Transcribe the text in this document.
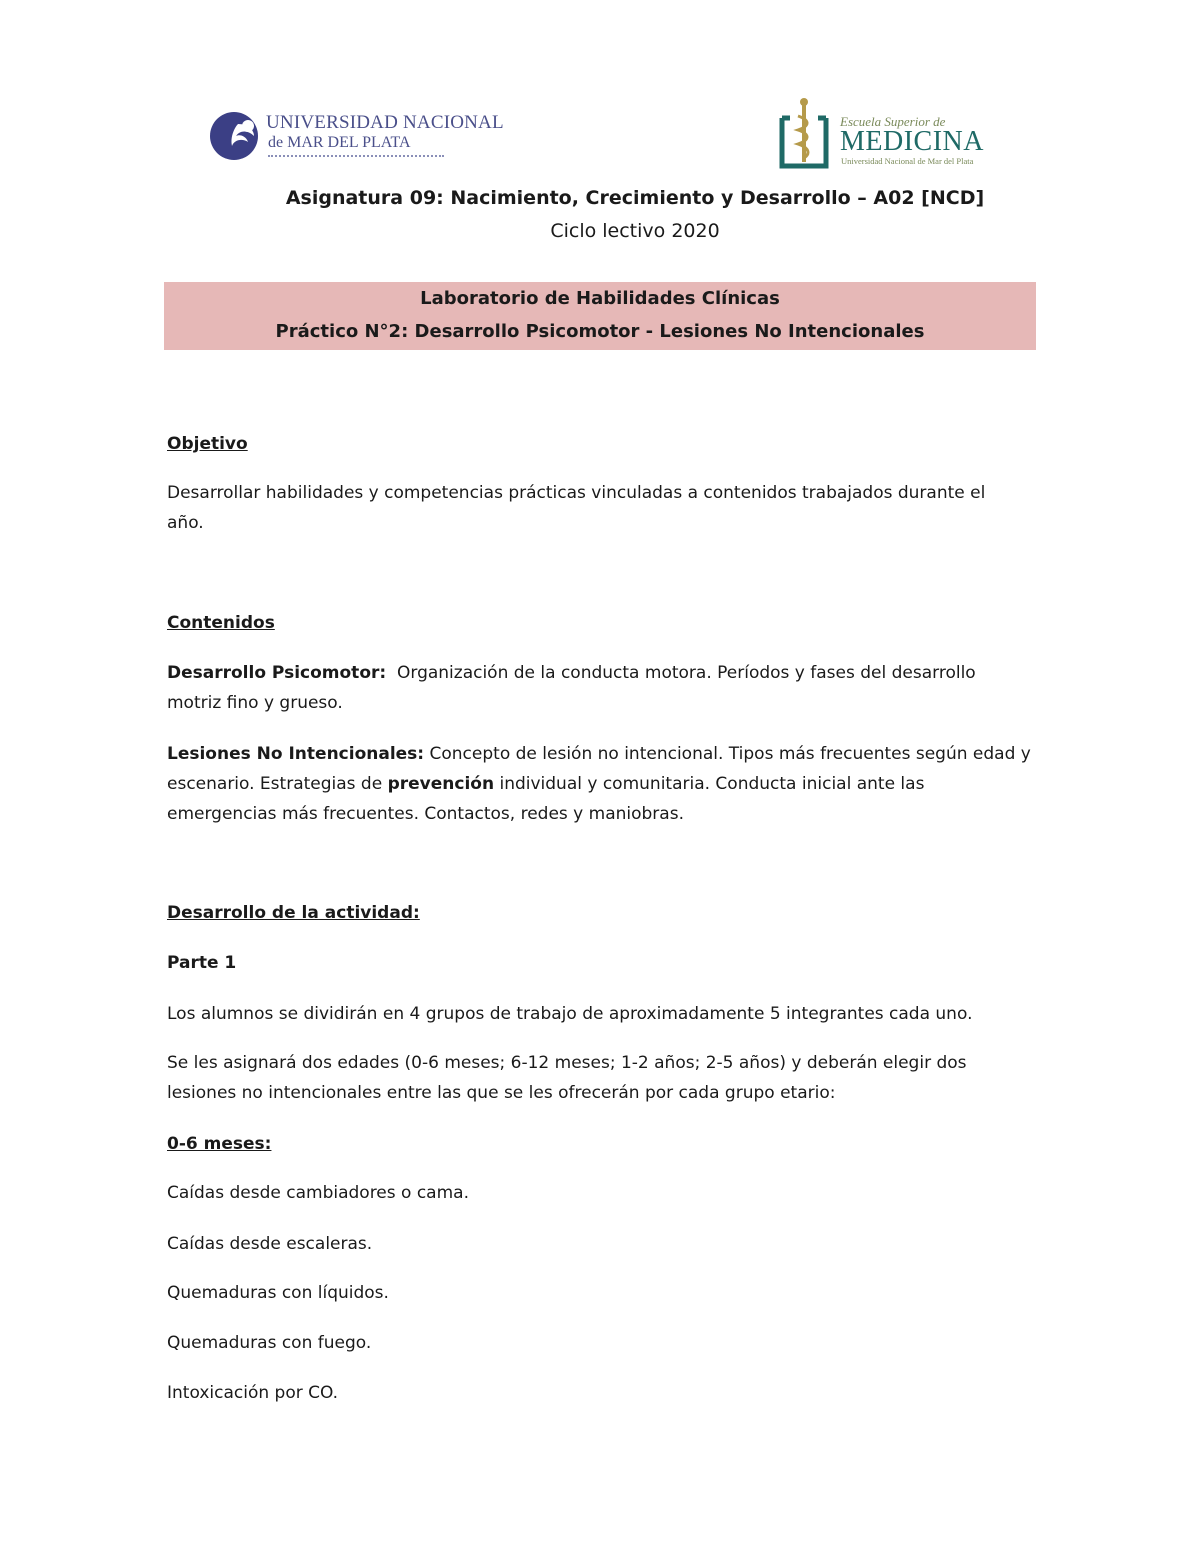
UNIVERSIDAD NACIONAL
de MAR DEL PLATA
Escuela Superior de
MEDICINA
Universidad Nacional de Mar del Plata
Asignatura 09: Nacimiento, Crecimiento y Desarrollo – A02 [NCD]
Ciclo lectivo 2020
Laboratorio de Habilidades Clínicas
Práctico N°2: Desarrollo Psicomotor - Lesiones No Intencionales
Objetivo
Desarrollar habilidades y competencias prácticas vinculadas a contenidos trabajados durante el
año.
Contenidos
Desarrollo Psicomotor:  Organización de la conducta motora. Períodos y fases del desarrollo
motriz fino y grueso.
Lesiones No Intencionales: Concepto de lesión no intencional. Tipos más frecuentes según edad y
escenario. Estrategias de prevención individual y comunitaria. Conducta inicial ante las
emergencias más frecuentes. Contactos, redes y maniobras.
Desarrollo de la actividad:
Parte 1
Los alumnos se dividirán en 4 grupos de trabajo de aproximadamente 5 integrantes cada uno.
Se les asignará dos edades (0-6 meses; 6-12 meses; 1-2 años; 2-5 años) y deberán elegir dos
lesiones no intencionales entre las que se les ofrecerán por cada grupo etario:
0-6 meses:
Caídas desde cambiadores o cama.
Caídas desde escaleras.
Quemaduras con líquidos.
Quemaduras con fuego.
Intoxicación por CO.
